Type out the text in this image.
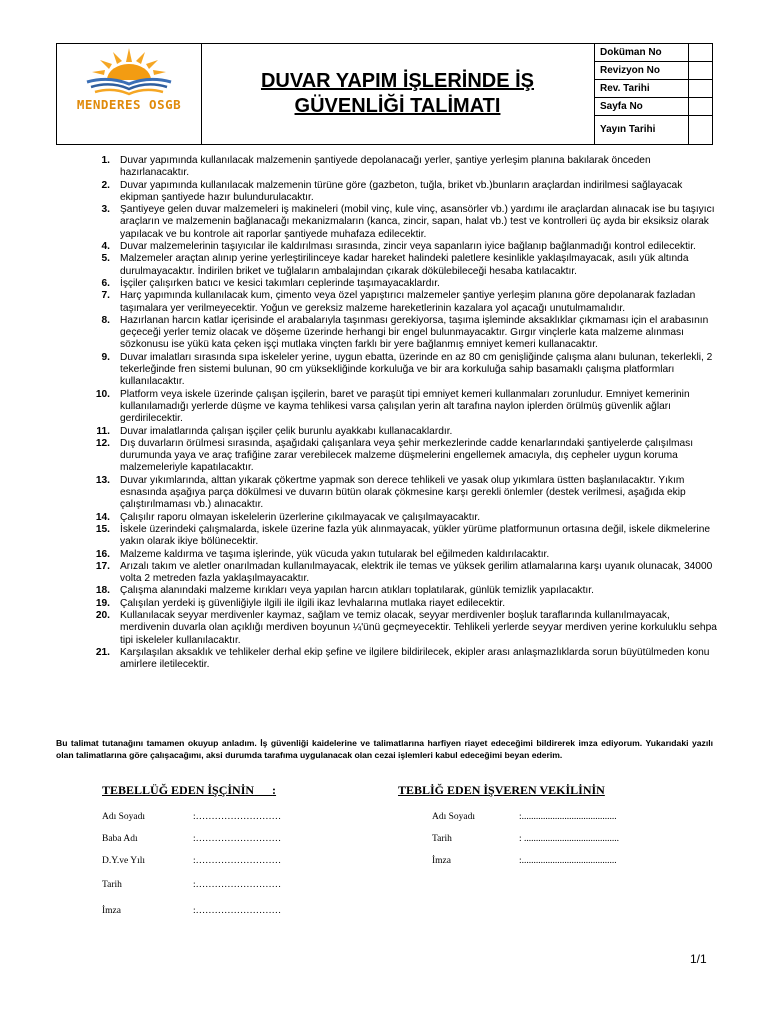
MENDERES OSGB
DUVAR YAPIM İŞLERİNDE İŞ
GÜVENLİĞİ TALİMATI
Doküman No
Revizyon No
Rev. Tarihi
Sayfa No
Yayın Tarihi
1. Duvar yapımında kullanılacak malzemenin şantiyede depolanacağı yerler, şantiye yerleşim planına bakılarak önceden hazırlanacaktır.
2. Duvar yapımında kullanılacak malzemenin türüne göre (gazbeton, tuğla, briket vb.)bunların araçlardan indirilmesi sağlayacak ekipman şantiyede hazır bulundurulacaktır.
3. Şantiyeye gelen duvar malzemeleri iş makineleri (mobil vinç, kule vinç, asansörler vb.) yardımı ile araçlardan alınacak ise bu taşıyıcı araçların ve malzemenin bağlanacağı mekanizmaların (kanca, zincir, sapan, halat vb.) test ve kontrolleri üç ayda bir eksiksiz olarak yapılacak ve bu kontrole ait raporlar şantiyede muhafaza edilecektir.
4. Duvar malzemelerinin taşıyıcılar ile kaldırılması sırasında, zincir veya sapanların iyice bağlanıp bağlanmadığı kontrol edilecektir.
5. Malzemeler araçtan alınıp yerine yerleştirilinceye kadar hareket halindeki paletlere kesinlikle yaklaşılmayacak, asılı yük altında durulmayacaktır. İndirilen briket ve tuğlaların ambalajından çıkarak dökülebileceği hesaba katılacaktır.
6. İşçiler çalışırken batıcı ve kesici takımları ceplerinde taşımayacaklardır.
7. Harç yapımında kullanılacak kum, çimento veya özel yapıştırıcı malzemeler şantiye yerleşim planına göre depolanarak fazladan taşımalara yer verilmeyecektir. Yoğun ve gereksiz malzeme hareketlerinin kazalara yol açacağı unutulmamalıdır.
8. Hazırlanan harcın katlar içerisinde el arabalarıyla taşınması gerekiyorsa, taşıma işleminde aksaklıklar çıkmaması için el arabasının geçeceği yerler temiz olacak ve döşeme üzerinde herhangi bir engel bulunmayacaktır. Gırgır vinçlerle kata malzeme alınması sözkonusu ise yükü kata çeken işçi mutlaka vinçten farklı bir yere bağlanmış emniyet kemeri kullanacaktır.
9. Duvar imalatları sırasında sıpa iskeleler yerine, uygun ebatta, üzerinde en az 80 cm genişliğinde çalışma alanı bulunan, tekerlekli, 2 tekerleğinde fren sistemi bulunan, 90 cm yüksekliğinde korkuluğa ve bir ara korkuluğa sahip basamaklı çalışma platformları kullanılacaktır.
10. Platform veya iskele üzerinde çalışan işçilerin, baret ve paraşüt tipi emniyet kemeri kullanmaları zorunludur. Emniyet kemerinin kullanılamadığı yerlerde düşme ve kayma tehlikesi varsa çalışılan yerin alt tarafına naylon iplerden örülmüş güvenlik ağları gerdirilecektir.
11. Duvar imalatlarında çalışan işçiler çelik burunlu ayakkabı kullanacaklardır.
12. Dış duvarların örülmesi sırasında, aşağıdaki çalışanlara veya şehir merkezlerinde cadde kenarlarındaki şantiyelerde çalışılması durumunda yaya ve araç trafiğine zarar verebilecek malzeme düşmelerini engellemek amacıyla, dış cepheler uygun koruma malzemeleriyle kapatılacaktır.
13. Duvar yıkımlarında, alttan yıkarak çökertme yapmak son derece tehlikeli ve yasak olup yıkımlara üstten başlanılacaktır. Yıkım esnasında aşağıya parça dökülmesi ve duvarın bütün olarak çökmesine karşı gerekli önlemler (destek verilmesi, aşağıda ekip çalıştırılmaması vb.) alınacaktır.
14. Çalışılır raporu olmayan iskelelerin üzerlerine çıkılmayacak ve çalışılmayacaktır.
15. İskele üzerindeki çalışmalarda, iskele üzerine fazla yük alınmayacak, yükler yürüme platformunun ortasına değil, iskele dikmelerine yakın olarak ikiye bölünecektir.
16. Malzeme kaldırma ve taşıma işlerinde, yük vücuda yakın tutularak bel eğilmeden kaldırılacaktır.
17. Arızalı takım ve aletler onarılmadan kullanılmayacak, elektrik ile temas ve yüksek gerilim atlamalarına karşı uyanık olunacak, 34000 volta 2 metreden fazla yaklaşılmayacaktır.
18. Çalışma alanındaki malzeme kırıkları veya yapılan harcın atıkları toplatılarak, günlük temizlik yapılacaktır.
19. Çalışılan yerdeki iş güvenliğiyle ilgili ile ilgili ikaz levhalarına mutlaka riayet edilecektir.
20. Kullanılacak seyyar merdivenler kaymaz, sağlam ve temiz olacak, seyyar merdivenler boşluk taraflarında kullanılmayacak, merdivenin duvarla olan açıklığı merdiven boyunun ¼'ünü geçmeyecektir. Tehlikeli yerlerde seyyar merdiven yerine korkuluklu sehpa tipi iskeleler kullanılacaktır.
21. Karşılaşılan aksaklık ve tehlikeler derhal ekip şefine ve ilgilere bildirilecek, ekipler arası anlaşmazlıklarda sorun büyütülmeden konu amirlere iletilecektir.
Bu talimat tutanağını tamamen okuyup anladım. İş güvenliği kaidelerine ve talimatlarına harfiyen riayet edeceğimi bildirerek imza ediyorum. Yukarıdaki yazılı olan talimatlarına göre çalışacağımı, aksi durumda tarafıma uygulanacak olan cezai işlemleri kabul edeceğimi beyan ederim.
TEBELLÜĞ EDEN İŞÇİNİN :
Adı Soyadı	:………………………
Baba Adı	:………………………
D.Y.ve Yılı	:………………………
Tarih	:………………………
İmza	:………………………
TEBLİĞ EDEN İŞVEREN VEKİLİNİN
Adı Soyadı	:........................................
Tarih	: ........................................
İmza	:........................................
1/1
